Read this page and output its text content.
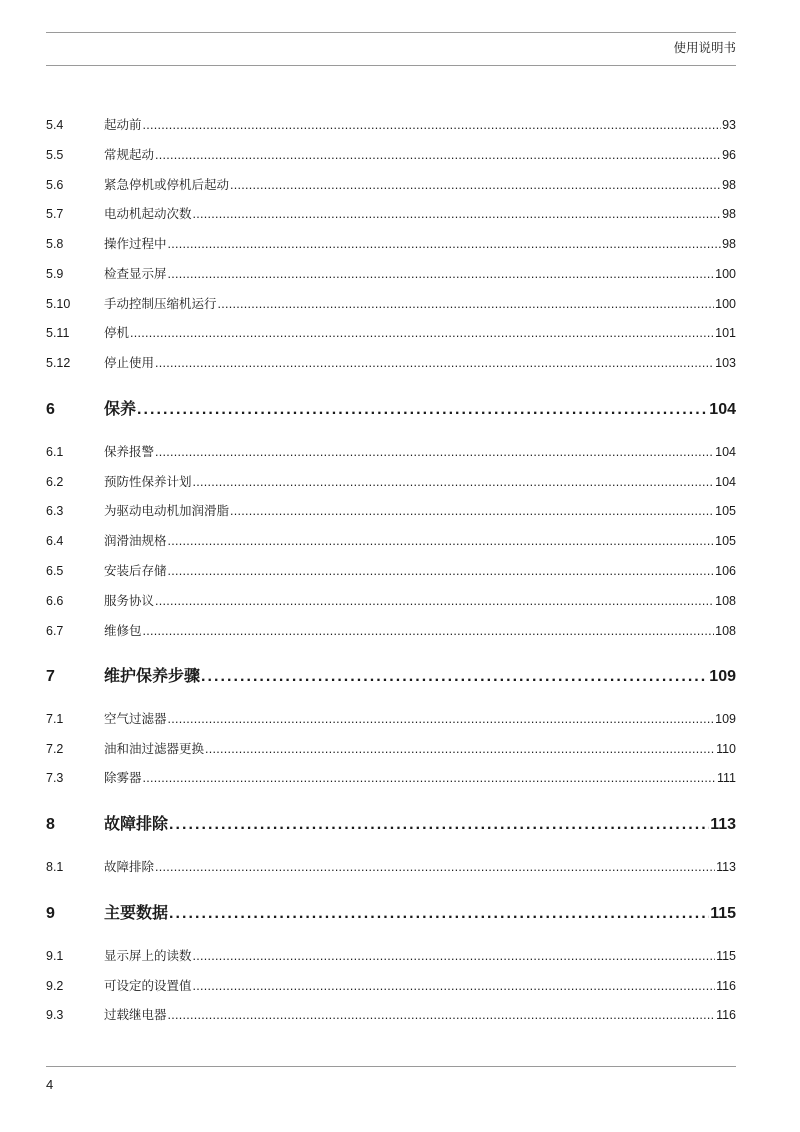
使用说明书
5.4	起动前 . . .	93
5.5	常规起动 . . .	96
5.6	紧急停机或停机后起动 . . .	98
5.7	电动机起动次数 . . .	98
5.8	操作过程中 . . .	98
5.9	检查显示屏 . . .	100
5.10	手动控制压缩机运行 . . .	100
5.11	停机 . . .	101
5.12	停止使用 . . .	103
6	保养 . . .	104
6.1	保养报警 . . .	104
6.2	预防性保养计划 . . .	104
6.3	为驱动电动机加润滑脂 . . .	105
6.4	润滑油规格 . . .	105
6.5	安装后存储 . . .	106
6.6	服务协议 . . .	108
6.7	维修包 . . .	108
7	维护保养步骤 . . .	109
7.1	空气过滤器 . . .	109
7.2	油和油过滤器更换 . . .	110
7.3	除雾器 . . .	111
8	故障排除 . . .	113
8.1	故障排除 . . .	113
9	主要数据 . . .	115
9.1	显示屏上的读数 . . .	115
9.2	可设定的设置值 . . .	116
9.3	过载继电器 . . .	116
4
